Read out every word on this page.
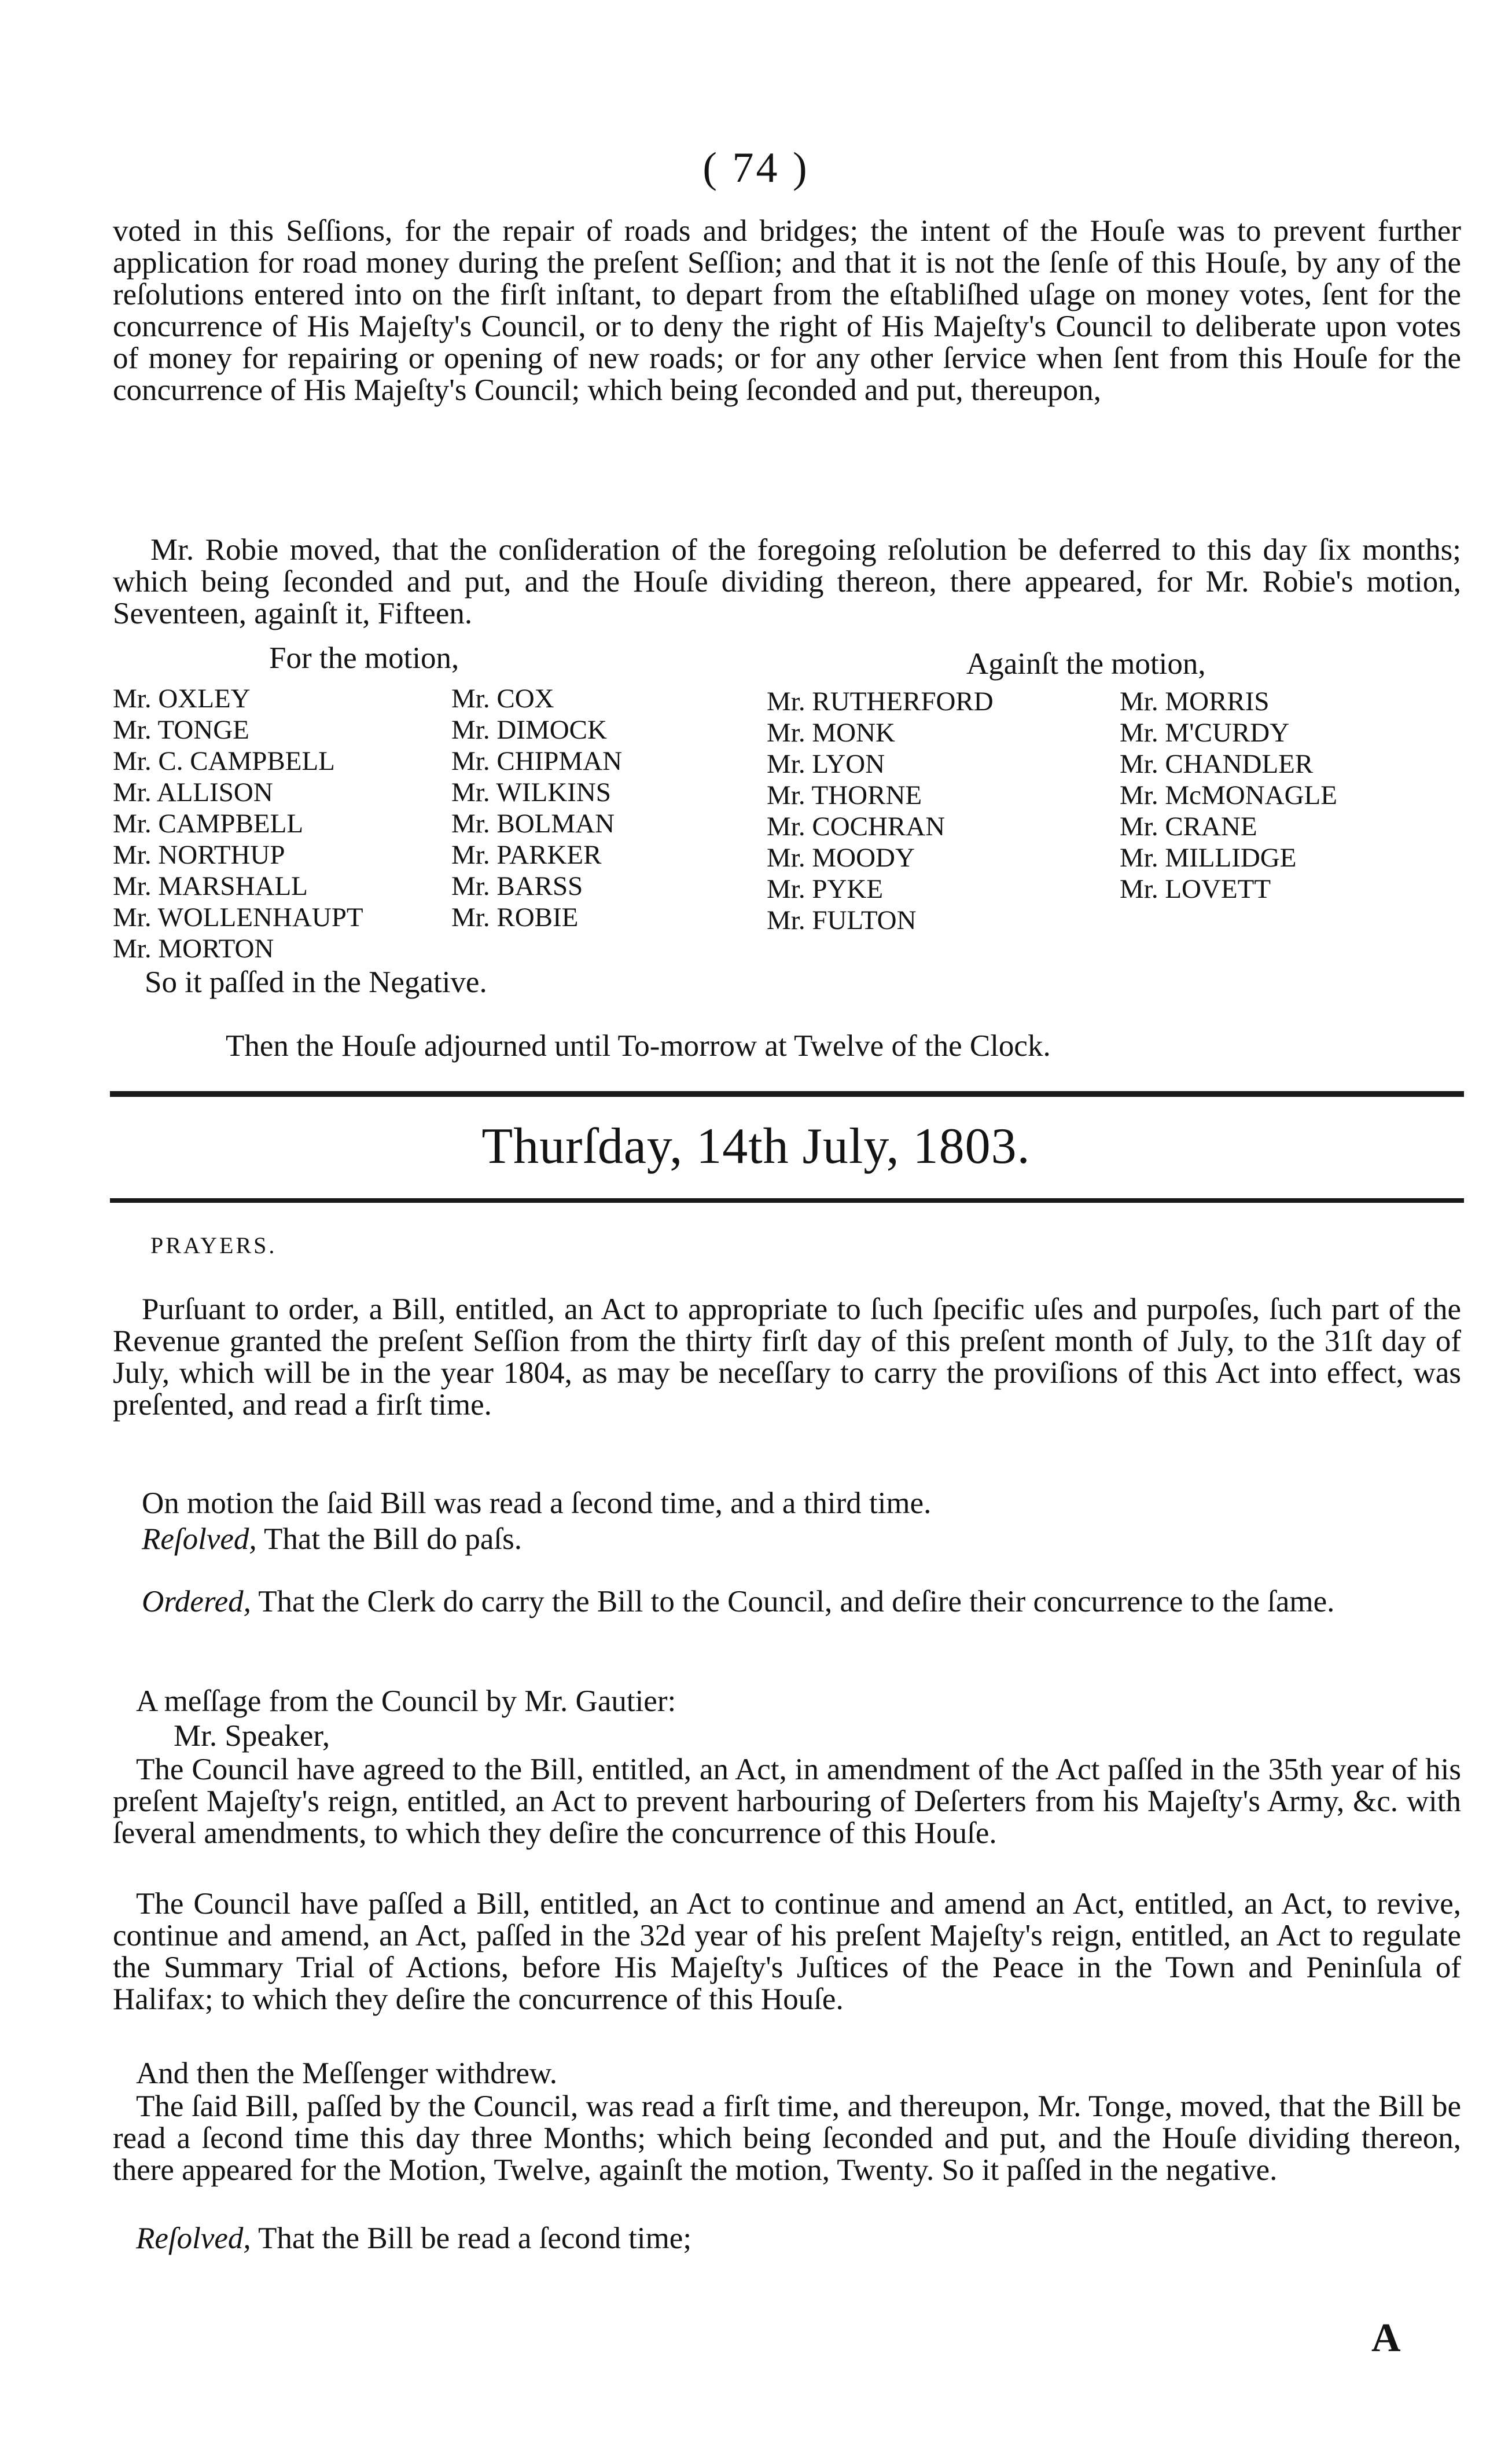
( 74 )
voted in this Seſſions, for the repair of roads and bridges; the intent of the Houſe was to prevent further application for road money during the preſent Seſſion; and that it is not the ſenſe of this Houſe, by any of the reſolutions entered into on the firſt inſtant, to depart from the eſtabliſhed uſage on money votes, ſent for the concurrence of His Majeſty's Council, or to deny the right of His Majeſty's Council to deliberate upon votes of money for repairing or opening of new roads; or for any other ſervice when ſent from this Houſe for the concurrence of His Majeſty's Council; which being ſeconded and put, thereupon,
Mr. Robie moved, that the conſideration of the foregoing reſolution be deferred to this day ſix months; which being ſeconded and put, and the Houſe dividing thereon, there appeared, for Mr. Robie's motion, Seventeen, againſt it, Fifteen.
For the motion,	Againſt the motion,
Mr. OXLEY
Mr. TONGE
Mr. C. CAMPBELL
Mr. ALLISON
Mr. CAMPBELL
Mr. NORTHUP
Mr. MARSHALL
Mr. WOLLENHAUPT
Mr. MORTON
Mr. COX
Mr. DIMOCK
Mr. CHIPMAN
Mr. WILKINS
Mr. BOLMAN
Mr. PARKER
Mr. BARSS
Mr. ROBIE
Mr. RUTHERFORD
Mr. MONK
Mr. LYON
Mr. THORNE
Mr. COCHRAN
Mr. MOODY
Mr. PYKE
Mr. FULTON
Mr. MORRIS
Mr. M'CURDY
Mr. CHANDLER
Mr. McMONAGLE
Mr. CRANE
Mr. MILLIDGE
Mr. LOVETT
So it paſſed in the Negative.
Then the Houſe adjourned until To-morrow at Twelve of the Clock.
Thurſday, 14th July, 1803.
PRAYERS.
Purſuant to order, a Bill, entitled, an Act to appropriate to ſuch ſpecific uſes and purpoſes, ſuch part of the Revenue granted the preſent Seſſion from the thirty firſt day of this preſent month of July, to the 31ſt day of July, which will be in the year 1804, as may be neceſſary to carry the proviſions of this Act into effect, was preſented, and read a firſt time.
On motion the ſaid Bill was read a ſecond time, and a third time.
Reſolved, That the Bill do paſs.
Ordered, That the Clerk do carry the Bill to the Council, and deſire their concurrence to the ſame.
A meſſage from the Council by Mr. Gautier:
Mr. Speaker,
The Council have agreed to the Bill, entitled, an Act, in amendment of the Act paſſed in the 35th year of his preſent Majeſty's reign, entitled, an Act to prevent harbouring of Deſerters from his Majeſty's Army, &c. with ſeveral amendments, to which they deſire the concurrence of this Houſe.
The Council have paſſed a Bill, entitled, an Act to continue and amend an Act, entitled, an Act, to revive, continue and amend, an Act, paſſed in the 32d year of his preſent Majeſty's reign, entitled, an Act to regulate the Summary Trial of Actions, before His Majeſty's Juſtices of the Peace in the Town and Peninſula of Halifax; to which they deſire the concurrence of this Houſe.
And then the Meſſenger withdrew.
The ſaid Bill, paſſed by the Council, was read a firſt time, and thereupon, Mr. Tonge, moved, that the Bill be read a ſecond time this day three Months; which being ſeconded and put, and the Houſe dividing thereon, there appeared for the Motion, Twelve, againſt the motion, Twenty. So it paſſed in the negative.
Reſolved, That the Bill be read a ſecond time;
A
